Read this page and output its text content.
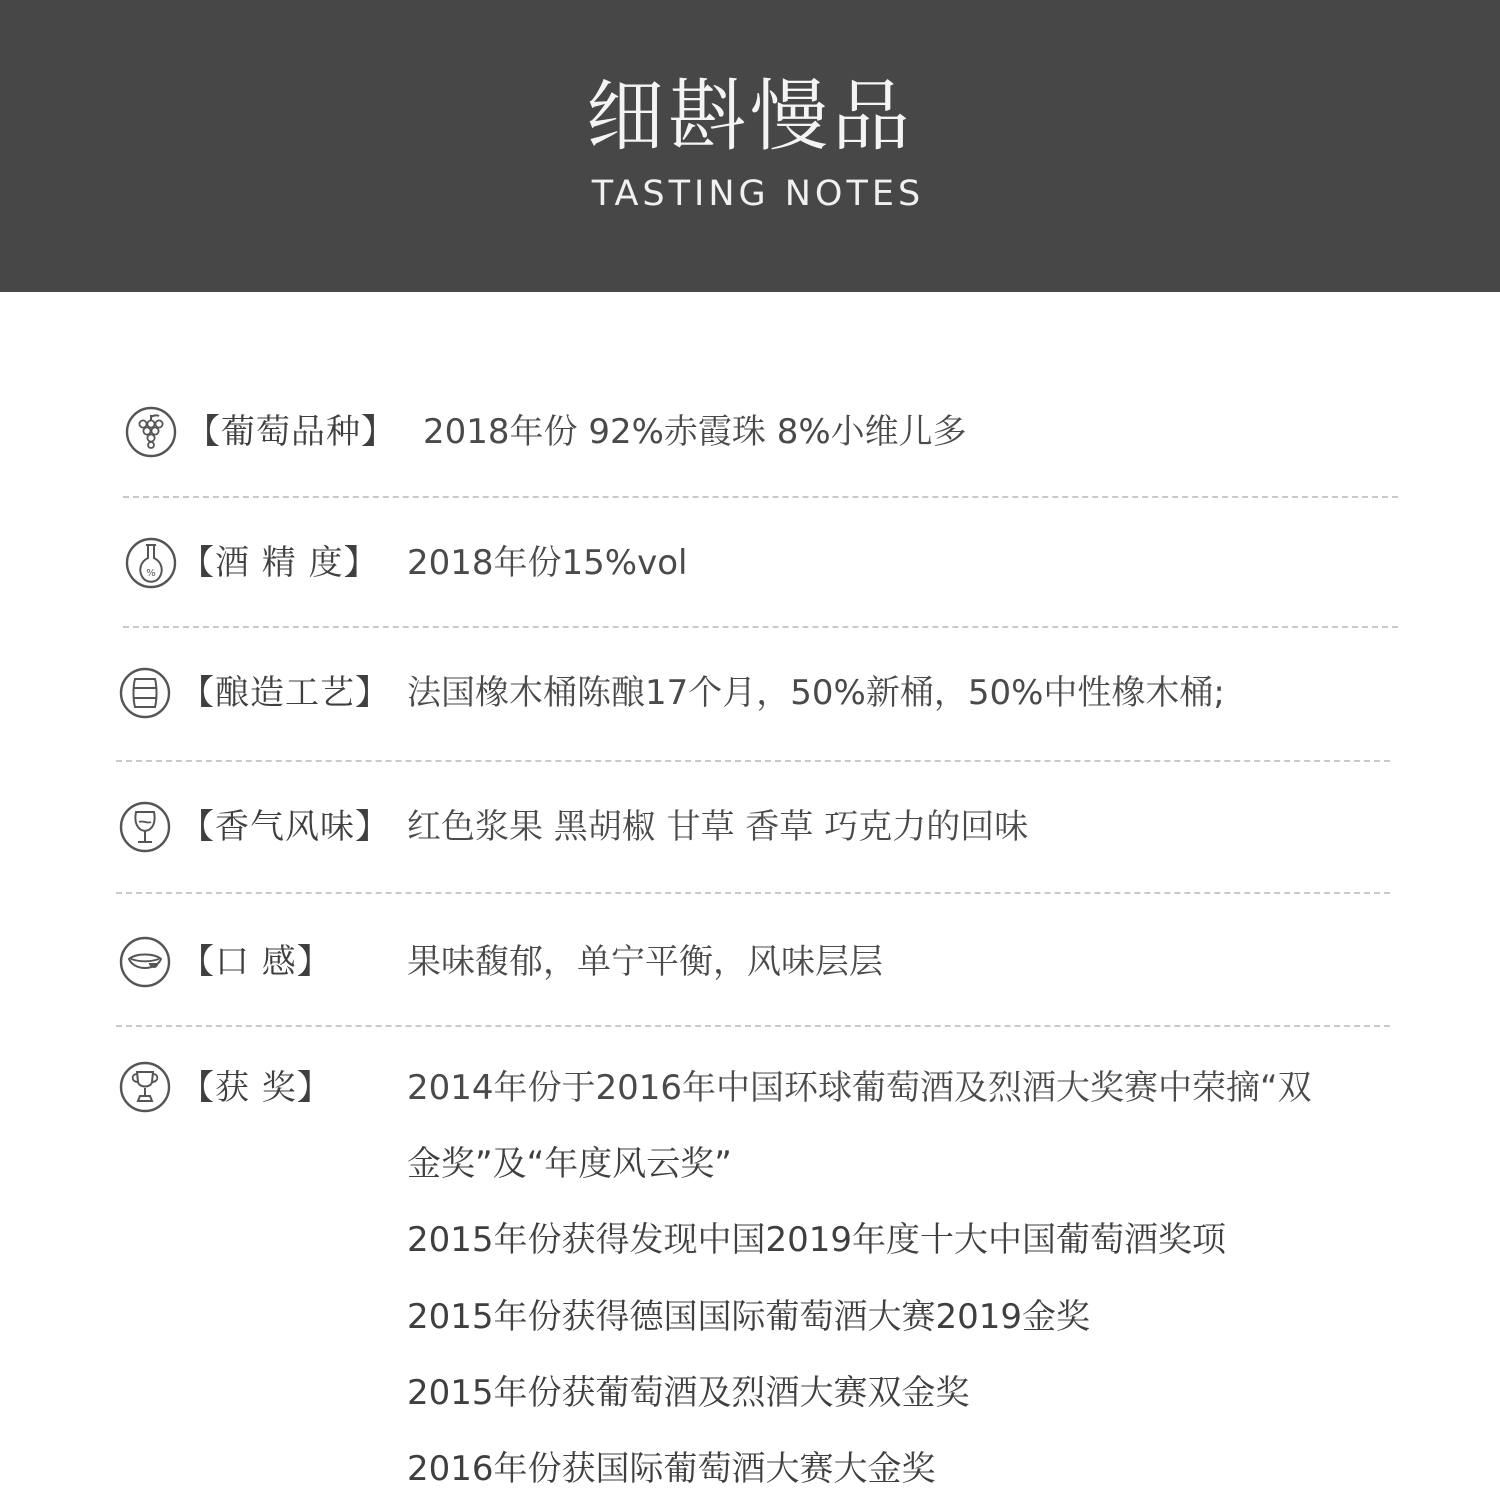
细斟慢品
TASTING NOTES
【葡萄品种】 2018年份 92%赤霞珠 8%小维儿多
% 【酒 精 度】 2018年份15%vol
【酿造工艺】 法国橡木桶陈酿17个月，50%新桶，50%中性橡木桶;
【香气风味】 红色浆果 黑胡椒 甘草 香草 巧克力的回味
【口 感】 果味馥郁，单宁平衡，风味层层
【获 奖】 2014年份于2016年中国环球葡萄酒及烈酒大奖赛中荣摘“双
金奖”及“年度风云奖”
2015年份获得发现中国2019年度十大中国葡萄酒奖项
2015年份获得德国国际葡萄酒大赛2019金奖
2015年份获葡萄酒及烈酒大赛双金奖
2016年份获国际葡萄酒大赛大金奖
